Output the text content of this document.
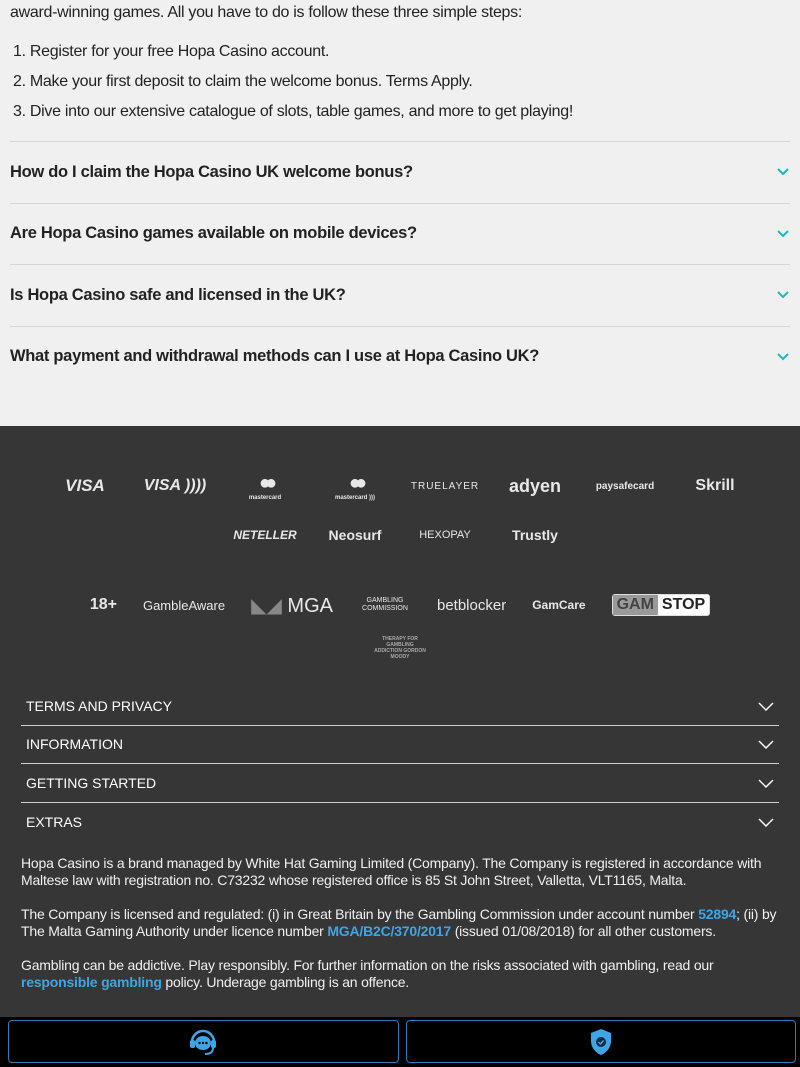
award-winning games. All you have to do is follow these three simple steps:

1. Register for your free Hopa Casino account.
2. Make your first deposit to claim the welcome bonus. Terms Apply.
3. Dive into our extensive catalogue of slots, table games, and more to get playing!
How do I claim the Hopa Casino UK welcome bonus?
Are Hopa Casino games available on mobile devices?
Is Hopa Casino safe and licensed in the UK?
What payment and withdrawal methods can I use at Hopa Casino UK?
VISA	VISA ))))	●●
mastercard
●●
mastercard )))
TRUELAYER	adyen	paysafecard	Skrill
NETELLER	Neosurf	HEXOPAY	Trustly
18+	GambleAware	◣◢ MGA	GAMBLING COMMISSION	betblocker	GamCare	GAM STOP
THERAPY FOR GAMBLING ADDICTION GORDON MOODY
TERMS AND PRIVACY
INFORMATION
GETTING STARTED
EXTRAS

Hopa Casino is a brand managed by White Hat Gaming Limited (Company). The Company is registered in accordance with Maltese law with registration no. C73232 whose registered office is 85 St John Street, Valletta, VLT1165, Malta.

The Company is licensed and regulated: (i) in Great Britain by the Gambling Commission under account number 52894; (ii) by The Malta Gaming Authority under licence number MGA/B2C/370/2017 (issued 01/08/2018) for all other customers.

Gambling can be addictive. Play responsibly. For further information on the risks associated with gambling, read our responsible gambling policy. Underage gambling is an offence.
